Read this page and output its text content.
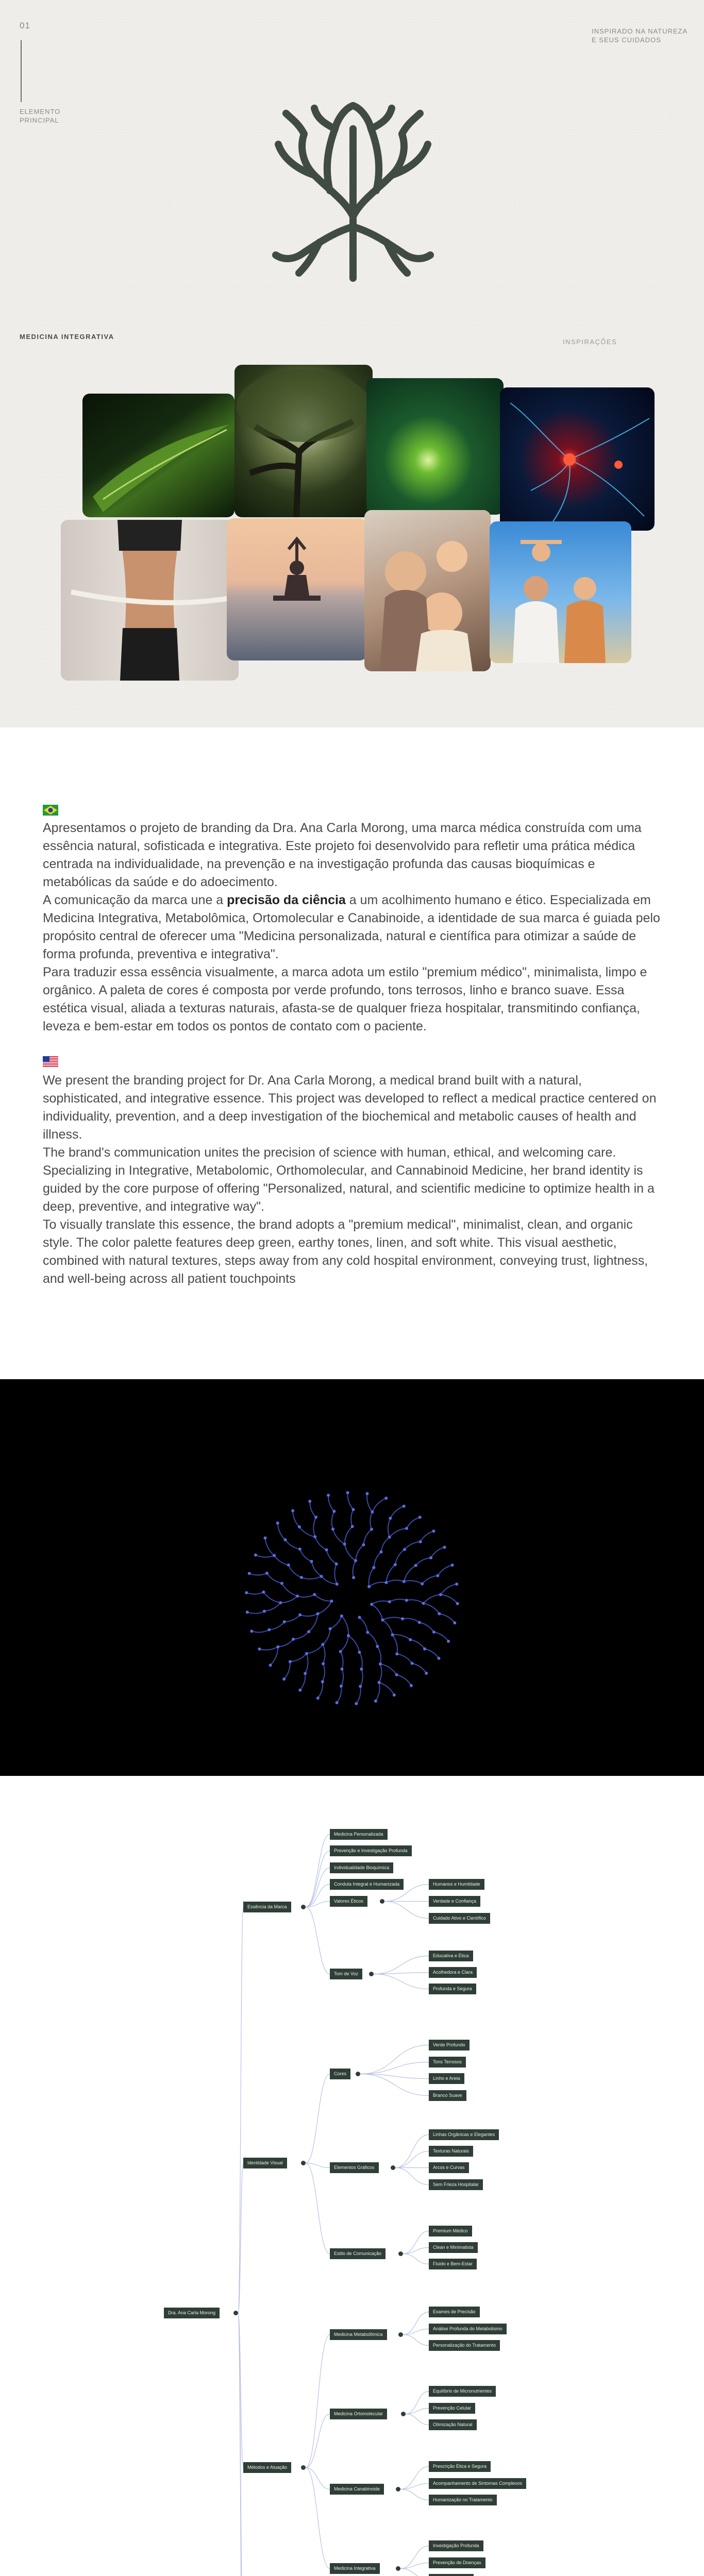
01
ELEMENTO
PRINCIPAL
INSPIRADO NA NATUREZA
E SEUS CUIDADOS
MEDICINA INTEGRATIVA
INSPIRAÇÕES

Apresentamos o projeto de branding da Dra. Ana Carla Morong, uma marca médica construída com uma essência natural, sofisticada e integrativa. Este projeto foi desenvolvido para refletir uma prática médica centrada na individualidade, na prevenção e na investigação profunda das causas bioquímicas e metabólicas da saúde e do adoecimento.

A comunicação da marca une a precisão da ciência a um acolhimento humano e ético. Especializada em Medicina Integrativa, Metabolômica, Ortomolecular e Canabinoide, a identidade de sua marca é guiada pelo propósito central de oferecer uma "Medicina personalizada, natural e científica para otimizar a saúde de forma profunda, preventiva e integrativa".

Para traduzir essa essência visualmente, a marca adota um estilo "premium médico", minimalista, limpo e orgânico. A paleta de cores é composta por verde profundo, tons terrosos, linho e branco suave. Essa estética visual, aliada a texturas naturais, afasta-se de qualquer frieza hospitalar, transmitindo confiança, leveza e bem-estar em todos os pontos de contato com o paciente.

We present the branding project for Dr. Ana Carla Morong, a medical brand built with a natural, sophisticated, and integrative essence. This project was developed to reflect a medical practice centered on individuality, prevention, and a deep investigation of the biochemical and metabolic causes of health and illness.

The brand's communication unites the precision of science with human, ethical, and welcoming care. Specializing in Integrative, Metabolomic, Orthomolecular, and Cannabinoid Medicine, her brand identity is guided by the core purpose of offering "Personalized, natural, and scientific medicine to optimize health in a deep, preventive, and integrative way".

To visually translate this essence, the brand adopts a "premium medical", minimalist, clean, and organic style. The color palette features deep green, earthy tones, linen, and soft white. This visual aesthetic, combined with natural textures, steps away from any cold hospital environment, conveying trust, lightness, and well-being across all patient touchpoints

Dra. Ana Carla Morong
Essência da Marca
Medicina Personalizada
Prevenção e Investigação Profunda
Individualidade Bioquímica
Conduta Integral e Humanizada
Valores Éticos
Tom de Voz
Humanos e Humildade
Verdade e Confiança
Cuidado Ativo e Científico
Educativa e Ética
Acolhedora e Clara
Profunda e Segura
Identidade Visual
Cores
Elementos Gráficos
Estilo de Comunicação
Verde Profundo
Tons Terrosos
Linho e Areia
Branco Suave
Linhas Orgânicas e Elegantes
Texturas Naturais
Arcos e Curvas
Sem Frieza Hospitalar
Premium Médico
Clean e Minimalista
Fluido e Bem-Estar
Métodos e Atuação
Medicina Metabolômica
Medicina Ortomolecular
Medicina Canabinoide
Medicina Integrativa
Exames de Precisão
Análise Profunda do Metabolismo
Personalização do Tratamento
Equilíbrio de Micronutrientes
Prevenção Celular
Otimização Natural
Prescrição Ética e Segura
Acompanhamento de Sintomas Complexos
Humanização no Tratamento
Investigação Profunda
Prevenção de Doenças
